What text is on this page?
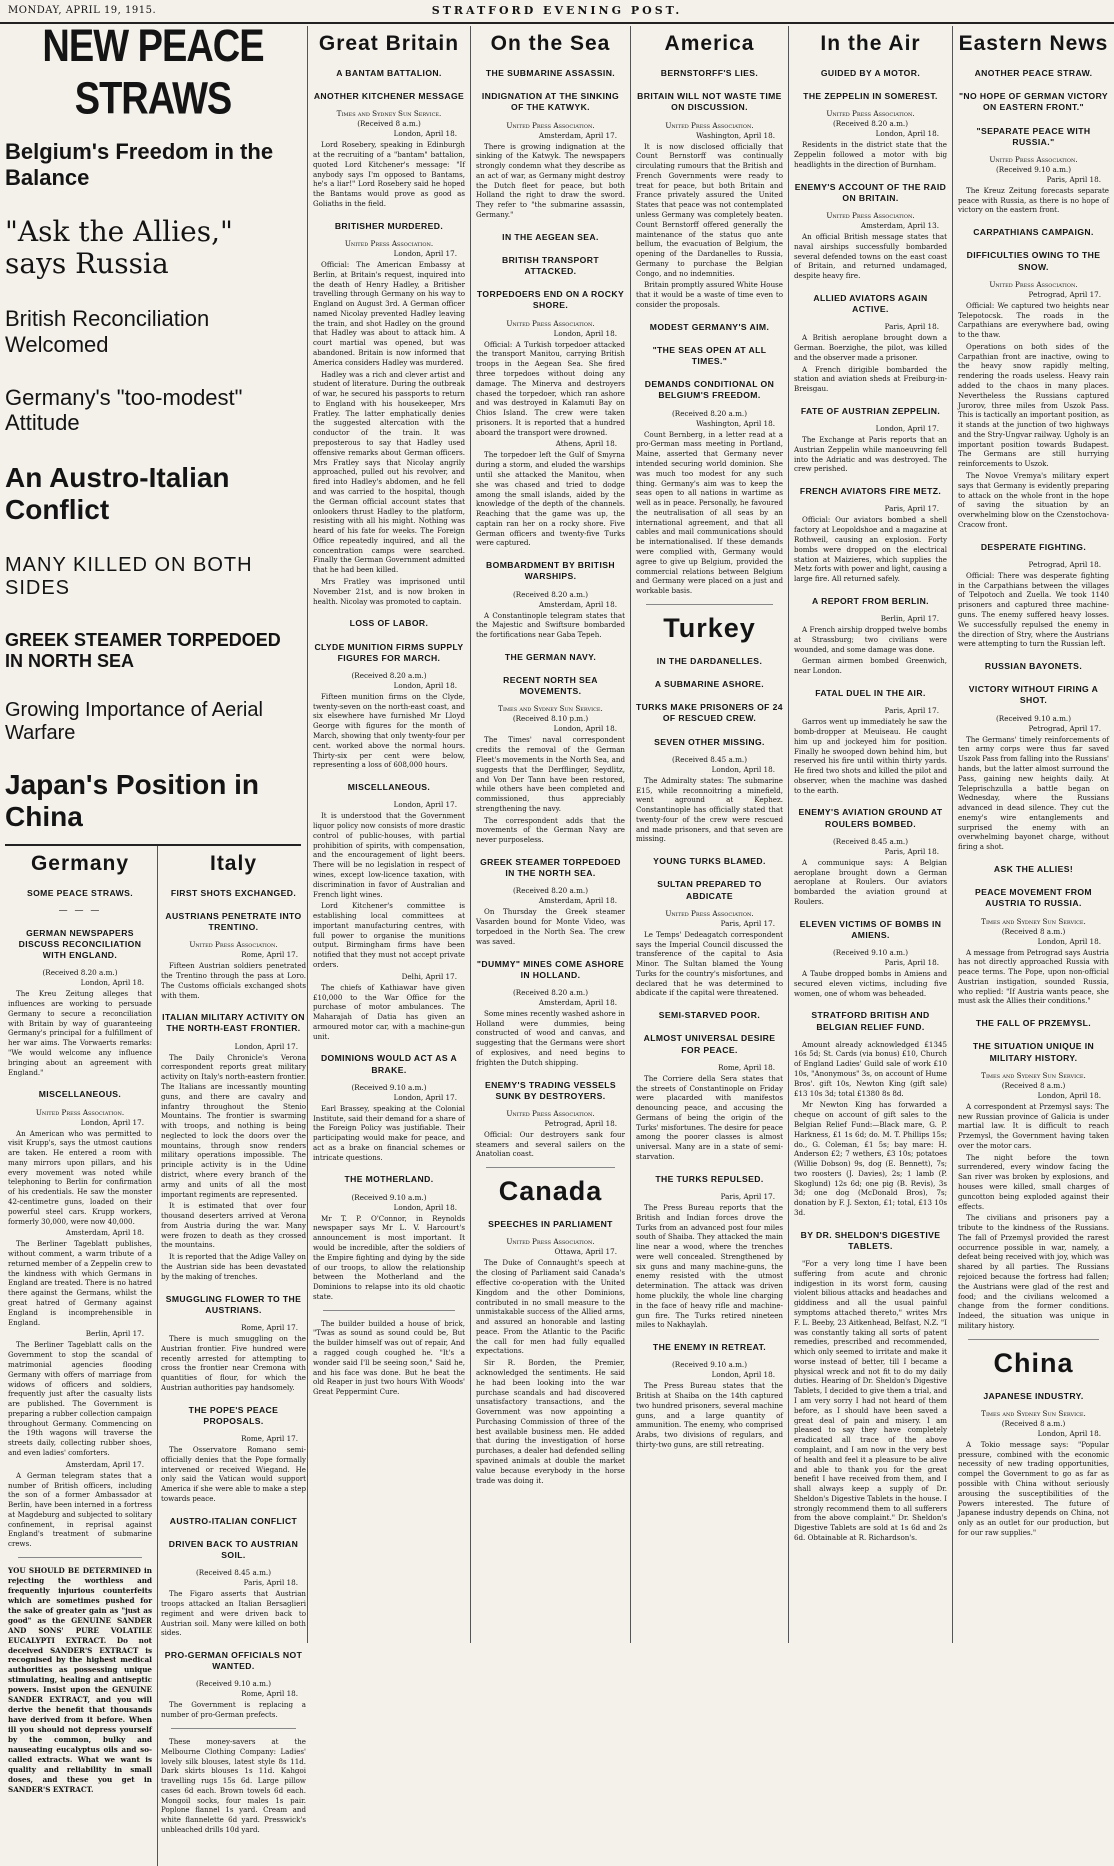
MONDAY, APRIL 19, 1915.	STRATFORD EVENING POST.
NEW PEACE STRAWS
Belgium's Freedom in the Balance
"Ask the Allies," says Russia
British Reconciliation Welcomed
Germany's "too-modest" Attitude
An Austro-Italian Conflict
MANY KILLED ON BOTH SIDES
GREEK STEAMER TORPEDOED IN NORTH SEA
Growing Importance of Aerial Warfare
Japan's Position in China
Germany
SOME PEACE STRAWS.
— — —
GERMAN NEWSPAPERS DISCUSS RECONCILIATION WITH ENGLAND.
(Received 8.20 a.m.)
London, April 18.

The Kreu Zeitung alleges that influences are working to persuade Germany to secure a reconciliation with Britain by way of guaranteeing Germany's principal for a fulfillment of her war aims. The Vorwaerts remarks: "We would welcome any influence bringing about an agreement with England."

MISCELLANEOUS.
United Press Association.
London, April 17.

An American who was permitted to visit Krupp's, says the utmost cautions are taken. He entered a room with many mirrors upon pillars, and his every movement was noted while telephoning to Berlin for confirmation of his credentials. He saw the monster 42-centimetre guns, loaded on their powerful steel cars. Krupp workers, formerly 30,000, were now 40,000.

Amsterdam, April 18.

The Berliner Tageblatt publishes, without comment, a warm tribute of a returned member of a Zeppelin crew to the kindness with which Germans in England are treated. There is no hatred there against the Germans, whilst the great hatred of Germany against England is incomprehensible in England.

Berlin, April 17.

The Berliner Tageblatt calls on the Government to stop the scandal of matrimonial agencies flooding Germany with offers of marriage from widows of officers and soldiers, frequently just after the casualty lists are published. The Government is preparing a rubber collection campaign throughout Germany. Commencing on the 19th wagons will traverse the streets daily, collecting rubber shoes, and even ladies' comforters.

Amsterdam, April 17.

A German telegram states that a number of British officers, including the son of a former Ambassador at Berlin, have been interned in a fortress at Magdeburg and subjected to solitary confinement, in reprisal against England's treatment of submarine crews.

YOU SHOULD BE DETERMINED in rejecting the worthless and frequently injurious counterfeits which are sometimes pushed for the sake of greater gain as "just as good" as the GENUINE SANDER AND SONS' PURE VOLATILE EUCALYPTI EXTRACT. Do not deceived SANDER'S EXTRACT is recognised by the highest medical authorities as possessing unique stimulating, healing and antiseptic powers. Insist upon the GENUINE SANDER EXTRACT, and you will derive the benefit that thousands have derived from it before. When ill you should not depress yourself by the common, bulky and nauseating eucalyptus oils and so-called extracts. What we want is quality and reliability in small doses, and these you get in SANDER'S EXTRACT.

Italy
FIRST SHOTS EXCHANGED.
AUSTRIANS PENETRATE INTO TRENTINO.
United Press Association.
Rome, April 17.

Fifteen Austrian soldiers penetrated the Trentino through the pass at Loro. The Customs officials exchanged shots with them.

ITALIAN MILITARY ACTIVITY ON THE NORTH-EAST FRONTIER.
London, April 17.

The Daily Chronicle's Verona correspondent reports great military activity on Italy's north-eastern frontier. The Italians are incessantly mounting guns, and there are cavalry and infantry throughout the Stenio Mountains. The frontier is swarming with troops, and nothing is being neglected to lock the doors over the mountains, through snow renders military operations impossible. The principle activity is in the Udine district, where every branch of the army and units of all the most important regiments are represented.

It is estimated that over four thousand deserters arrived at Verona from Austria during the war. Many were frozen to death as they crossed the mountains.

It is reported that the Adige Valley on the Austrian side has been devastated by the making of trenches.

SMUGGLING FLOWER TO THE AUSTRIANS.
Rome, April 17.

There is much smuggling on the Austrian frontier. Five hundred were recently arrested for attempting to cross the frontier near Cremona with quantities of flour, for which the Austrian authorities pay handsomely.

THE POPE'S PEACE PROPOSALS.
Rome, April 17.

The Osservatore Romano semi-officially denies that the Pope formally intervened or received Wiegand. He only said the Vatican would support America if she were able to make a step towards peace.

AUSTRO-ITALIAN CONFLICT
DRIVEN BACK TO AUSTRIAN SOIL.
(Received 8.45 a.m.)
Paris, April 18.

The Figaro asserts that Austrian troops attacked an Italian Bersaglieri regiment and were driven back to Austrian soil. Many were killed on both sides.

PRO-GERMAN OFFICIALS NOT WANTED.
(Received 9.10 a.m.)
Rome, April 18.

The Government is replacing a number of pro-German prefects.

These money-savers at the Melbourne Clothing Company: Ladies' lovely silk blouses, latest style 8s 11d. Dark skirts blouses 1s 11d. Kahgoi travelling rugs 15s 6d. Large pillow cases 6d each. Brown towels 6d each. Mongoil socks, four males 1s pair. Poplone flannel 1s yard. Cream and white flannelette 6d yard. Presswick's unbleached drills 10d yard.

Great Britain
A BANTAM BATTALION.
ANOTHER KITCHENER MESSAGE
Times and Sydney Sun Service.
(Received 8 a.m.)
London, April 18.

Lord Rosebery, speaking in Edinburgh at the recruiting of a "bantam" battalion, quoted Lord Kitchener's message: "If anybody says I'm opposed to Bantams, he's a liar!" Lord Rosebery said he hoped the Bantams would prove as good as Goliaths in the field.

BRITISHER MURDERED.
United Press Association.
London, April 17.

Official: The American Embassy at Berlin, at Britain's request, inquired into the death of Henry Hadley, a Britisher travelling through Germany on his way to England on August 3rd. A German officer named Nicolay prevented Hadley leaving the train, and shot Hadley on the ground that Hadley was about to attack him. A court martial was opened, but was abandoned. Britain is now informed that America considers Hadley was murdered.

Hadley was a rich and clever artist and student of literature. During the outbreak of war, he secured his passports to return to England with his housekeeper, Mrs Fratley. The latter emphatically denies the suggested altercation with the conductor of the train. It was preposterous to say that Hadley used offensive remarks about German officers. Mrs Fratley says that Nicolay angrily approached, pulled out his revolver, and fired into Hadley's abdomen, and he fell and was carried to the hospital, though the German official account states that onlookers thrust Hadley to the platform, resisting with all his might. Nothing was heard of his fate for weeks. The Foreign Office repeatedly inquired, and all the concentration camps were searched. Finally the German Government admitted that he had been killed.

Mrs Fratley was imprisoned until November 21st, and is now broken in health. Nicolay was promoted to captain.

LOSS OF LABOR.
CLYDE MUNITION FIRMS SUPPLY FIGURES FOR MARCH.
(Received 8.20 a.m.)
London, April 18.

Fifteen munition firms on the Clyde, twenty-seven on the north-east coast, and six elsewhere have furnished Mr Lloyd George with figures for the month of March, showing that only twenty-four per cent. worked above the normal hours. Thirty-six per cent were below, representing a loss of 608,000 hours.

MISCELLANEOUS.
London, April 17.

It is understood that the Government liquor policy now consists of more drastic control of public-houses, with partial prohibition of spirits, with compensation, and the encouragement of light beers. There will be no legislation in respect of wines, except low-licence taxation, with discrimination in favor of Australian and French light wines.

Lord Kitchener's committee is establishing local committees at important manufacturing centres, with full power to organise the munitions output. Birmingham firms have been notified that they must not accept private orders.

Delhi, April 17.

The chiefs of Kathiawar have given £10,000 to the War Office for the purchase of motor ambulances. The Maharajah of Datia has given an armoured motor car, with a machine-gun unit.

DOMINIONS WOULD ACT AS A BRAKE.
(Received 9.10 a.m.)
London, April 17.

Earl Brassey, speaking at the Colonial Institute, said their demand for a share of the Foreign Policy was justifiable. Their participating would make for peace, and act as a brake on financial schemes or intricate questions.

THE MOTHERLAND.
(Received 9.10 a.m.)
London, April 18.

Mr T. P. O'Connor, in Reynolds newspaper says Mr L. V. Harcourt's announcement is most important. It would be incredible, after the soldiers of the Empire fighting and dying by the side of our troops, to allow the relationship between the Motherland and the Dominions to relapse into its old chaotic state.

The builder builded a house of brick, "Twas as sound as sound could be, But the builder himself was out of repair, And a ragged cough coughed he. "It's a wonder said I'll be seeing soon," Said he, and his face was done. But he beat the old Reaper in just two hours With Woods' Great Peppermint Cure.

On the Sea
THE SUBMARINE ASSASSIN.
INDIGNATION AT THE SINKING OF THE KATWYK.
United Press Association.
Amsterdam, April 17.

There is growing indignation at the sinking of the Katwyk. The newspapers strongly condemn what they describe as an act of war, as Germany might destroy the Dutch fleet for peace, but both Holland the right to draw the sword. They refer to "the submarine assassin, Germany."

IN THE AEGEAN SEA.
BRITISH TRANSPORT ATTACKED.
TORPEDOERS END ON A ROCKY SHORE.
United Press Association.
London, April 18.

Official: A Turkish torpedoer attacked the transport Manitou, carrying British troops in the Aegean Sea. She fired three torpedoes without doing any damage. The Minerva and destroyers chased the torpedoer, which ran ashore and was destroyed in Kalamuti Bay on Chios Island. The crew were taken prisoners. It is reported that a hundred aboard the transport were drowned.

Athens, April 18.

The torpedoer left the Gulf of Smyrna during a storm, and eluded the warships until she attacked the Manitou, when she was chased and tried to dodge among the small islands, aided by the knowledge of the depth of the channels. Reaching that the game was up, the captain ran her on a rocky shore. Five German officers and twenty-five Turks were captured.

BOMBARDMENT BY BRITISH WARSHIPS.
(Received 8.20 a.m.)
Amsterdam, April 18.

A Constantinople telegram states that the Majestic and Swiftsure bombarded the fortifications near Gaba Tepeh.

THE GERMAN NAVY.
RECENT NORTH SEA MOVEMENTS.
Times and Sydney Sun Service.
(Received 8.10 p.m.)
London, April 18.

The Times' naval correspondent credits the removal of the German Fleet's movements in the North Sea, and suggests that the Derfflinger, Seydlitz, and Von Der Tann have been restored, while others have been completed and commissioned, thus appreciably strengthening the navy.

The correspondent adds that the movements of the German Navy are never purposeless.

GREEK STEAMER TORPEDOED IN THE NORTH SEA.
(Received 8.20 a.m.)
Amsterdam, April 18.

On Thursday the Greek steamer Vasarden bound for Monte Video, was torpedoed in the North Sea. The crew was saved.

"DUMMY" MINES COME ASHORE IN HOLLAND.
(Received 8.20 a.m.)
Amsterdam, April 18.

Some mines recently washed ashore in Holland were dummies, being constructed of wood and canvas, and suggesting that the Germans were short of explosives, and need begins to frighten the Dutch shipping.

ENEMY'S TRADING VESSELS SUNK BY DESTROYERS.
United Press Association.
Petrograd, April 18.

Official: Our destroyers sank four steamers and several sailers on the Anatolian coast.

Canada
SPEECHES IN PARLIAMENT
United Press Association.
Ottawa, April 17.

The Duke of Connaught's speech at the closing of Parliament said Canada's effective co-operation with the United Kingdom and the other Dominions, contributed in no small measure to the unmistakable success of the Allied arms, and assured an honorable and lasting peace. From the Atlantic to the Pacific the call for men had fully equalled expectations.

Sir R. Borden, the Premier, acknowledged the sentiments. He said he had been looking into the war purchase scandals and had discovered unsatisfactory transactions, and the Government was now appointing a Purchasing Commission of three of the best available business men. He added that during the investigation of horse purchases, a dealer had defended selling spavined animals at double the market value because everybody in the horse trade was doing it.

America
BERNSTORFF'S LIES.
BRITAIN WILL NOT WASTE TIME ON DISCUSSION.
United Press Association.
Washington, April 18.

It is now disclosed officially that Count Bernstorff was continually circulating rumours that the British and French Governments were ready to treat for peace, but both Britain and France privately assured the United States that peace was not contemplated unless Germany was completely beaten. Count Bernstorff offered generally the maintenance of the status quo ante bellum, the evacuation of Belgium, the opening of the Dardanelles to Russia, Germany to purchase the Belgian Congo, and no indemnities.

Britain promptly assured White House that it would be a waste of time even to consider the proposals.

MODEST GERMANY'S AIM.
"THE SEAS OPEN AT ALL TIMES."
DEMANDS CONDITIONAL ON BELGIUM'S FREEDOM.
(Received 8.20 a.m.)
Washington, April 18.

Count Bernberg, in a letter read at a pro-German mass meeting in Portland, Maine, asserted that Germany never intended securing world dominion. She was much too modest for any such thing. Germany's aim was to keep the seas open to all nations in wartime as well as in peace. Personally, he favoured the neutralisation of all seas by an international agreement, and that all cables and mail communications should be internationalised. If these demands were complied with, Germany would agree to give up Belgium, provided the commercial relations between Belgium and Germany were placed on a just and workable basis.

Turkey
IN THE DARDANELLES.
A SUBMARINE ASHORE.
TURKS MAKE PRISONERS OF 24 OF RESCUED CREW.
SEVEN OTHER MISSING.
(Received 8.45 a.m.)
London, April 18.

The Admiralty states: The submarine E15, while reconnoitring a minefield, went aground at Kephez. Constantinople has officially stated that twenty-four of the crew were rescued and made prisoners, and that seven are missing.

YOUNG TURKS BLAMED.
SULTAN PREPARED TO ABDICATE
United Press Association.
Paris, April 17.

Le Temps' Dedeagatch correspondent says the Imperial Council discussed the transference of the capital to Asia Minor. The Sultan blamed the Young Turks for the country's misfortunes, and declared that he was determined to abdicate if the capital were threatened.

SEMI-STARVED POOR.
ALMOST UNIVERSAL DESIRE FOR PEACE.
Rome, April 18.

The Corriere della Sera states that the streets of Constantinople on Friday were placarded with manifestos denouncing peace, and accusing the Germans of being the origin of the Turks' misfortunes. The desire for peace among the poorer classes is almost universal. Many are in a state of semi-starvation.

THE TURKS REPULSED.
Paris, April 17.

The Press Bureau reports that the British and Indian forces drove the Turks from an advanced post four miles south of Shaiba. They attacked the main line near a wood, where the trenches were well concealed. Strengthened by six guns and many machine-guns, the enemy resisted with the utmost determination. The attack was driven home pluckily, the whole line charging in the face of heavy rifle and machine-gun fire. The Turks retired nineteen miles to Nakhaylah.

THE ENEMY IN RETREAT.
(Received 9.10 a.m.)
London, April 18.

The Press Bureau states that the British at Shaiba on the 14th captured two hundred prisoners, several machine guns, and a large quantity of ammunition. The enemy, who comprised Arabs, two divisions of regulars, and thirty-two guns, are still retreating.

In the Air
GUIDED BY A MOTOR.
THE ZEPPELIN IN SOMEREST.
United Press Association.
(Received 8.20 a.m.)
London, April 18.

Residents in the district state that the Zeppelin followed a motor with big headlights in the direction of Burnham.

ENEMY'S ACCOUNT OF THE RAID ON BRITAIN.
United Press Association.
Amsterdam, April 13.

An official British message states that naval airships successfully bombarded several defended towns on the east coast of Britain, and returned undamaged, despite heavy fire.

ALLIED AVIATORS AGAIN ACTIVE.
Paris, April 18.

A British aeroplane brought down a German. Boerzighe, the pilot, was killed and the observer made a prisoner.

A French dirigible bombarded the station and aviation sheds at Freiburg-in-Breisgau.

FATE OF AUSTRIAN ZEPPELIN.
London, April 17.

The Exchange at Paris reports that an Austrian Zeppelin while manoeuvring fell into the Adriatic and was destroyed. The crew perished.

FRENCH AVIATORS FIRE METZ.
Paris, April 17.

Official: Our aviators bombed a shell factory at Leopoldshoe and a magazine at Rothweil, causing an explosion. Forty bombs were dropped on the electrical station at Maizieres, which supplies the Metz forts with power and light, causing a large fire. All returned safely.

A REPORT FROM BERLIN.
Berlin, April 17.

A French airship dropped twelve bombs at Strassburg; two civilians were wounded, and some damage was done.

German airmen bombed Greenwich, near London.

FATAL DUEL IN THE AIR.
Paris, April 17.

Garros went up immediately he saw the bomb-dropper at Meuiseau. He caught him up and jockeyed him for position. Finally he swooped down behind him, but reserved his fire until within thirty yards. He fired two shots and killed the pilot and observer, when the machine was dashed to the earth.

ENEMY'S AVIATION GROUND AT ROULERS BOMBED.
(Received 8.45 a.m.)
Paris, April 18.

A communique says: A Belgian aeroplane brought down a German aeroplane at Roulers. Our aviators bombarded the aviation ground at Roulers.

ELEVEN VICTIMS OF BOMBS IN AMIENS.
(Received 9.10 a.m.)
Paris, April 18.

A Taube dropped bombs in Amiens and secured eleven victims, including five women, one of whom was beheaded.

STRATFORD BRITISH AND BELGIAN RELIEF FUND.

Amount already acknowledged £1345 16s 5d; St. Cards (via bonus) £10, Church of England Ladies' Guild sale of work £10 10s, "Anonymous" 3s, on account of Hume Bros'. gift 10s, Newton King (gift sale) £13 10s 3d; total £1380 8s 8d.

Mr Newton King has forwarded a cheque on account of gift sales to the Belgian Relief Fund:—Black mare, G. P. Harkness, £1 1s 6d; do. M. T. Phillips 15s; do., G. Coleman, £1 5s; bay mare: H. Anderson £2; 7 wethers, £3 10s; potatoes (Willie Dobson) 9s, dog (E. Bennett), 7s; two roosters (J. Davies), 2s; 1 lamb (P. Skoglund) 12s 6d; one pig (B. Revis), 3s 3d; one dog (McDonald Bros), 7s; donation by F. J. Sexton, £1; total, £13 10s 3d.

BY DR. SHELDON'S DIGESTIVE TABLETS.

"For a very long time I have been suffering from acute and chronic indigestion in its worst form, causing violent bilious attacks and headaches and giddiness and all the usual painful symptoms attached thereto," writes Mrs F. L. Beeby, 23 Aitkenhead, Belfast, N.Z. "I was constantly taking all sorts of patent remedies, prescribed and recommended, which only seemed to irritate and make it worse instead of better, till I became a physical wreck and not fit to do my daily duties. Hearing of Dr. Sheldon's Digestive Tablets, I decided to give them a trial, and I am very sorry I had not heard of them before, as I should have been saved a great deal of pain and misery. I am pleased to say they have completely eradicated all trace of the above complaint, and I am now in the very best of health and feel it a pleasure to be alive and able to thank you for the great benefit I have received from them, and I shall always keep a supply of Dr. Sheldon's Digestive Tablets in the house. I strongly recommend them to all sufferers from the above complaint." Dr. Sheldon's Digestive Tablets are sold at 1s 6d and 2s 6d. Obtainable at R. Richardson's.

Eastern News
ANOTHER PEACE STRAW.
"NO HOPE OF GERMAN VICTORY ON EASTERN FRONT."
"SEPARATE PEACE WITH RUSSIA."
United Press Association.
(Received 9.10 a.m.)
Paris, April 18.

The Kreuz Zeitung forecasts separate peace with Russia, as there is no hope of victory on the eastern front.

CARPATHIANS CAMPAIGN.
DIFFICULTIES OWING TO THE SNOW.
United Press Association.
Petrograd, April 17.

Official: We captured two heights near Telepotocsk. The roads in the Carpathians are everywhere bad, owing to the thaw.

Operations on both sides of the Carpathian front are inactive, owing to the heavy snow rapidly melting, rendering the roads useless. Heavy rain added to the chaos in many places. Nevertheless the Russians captured Jurorov, three miles from Uszok Pass. This is tactically an important position, as it stands at the junction of two highways and the Stry-Ungvar railway. Ugholy is an important position towards Budapest. The Germans are still hurrying reinforcements to Uszok.

The Novoe Vremya's military expert says that Germany is evidently preparing to attack on the whole front in the hope of saving the situation by an overwhelming blow on the Czenstochova-Cracow front.

DESPERATE FIGHTING.
Petrograd, April 18.

Official: There was desperate fighting in the Carpathians between the villages of Telpotoch and Zuella. We took 1140 prisoners and captured three machine-guns. The enemy suffered heavy losses. We successfully repulsed the enemy in the direction of Stry, where the Austrians were attempting to turn the Russian left.

RUSSIAN BAYONETS.
VICTORY WITHOUT FIRING A SHOT.
(Received 9.10 a.m.)
Petrograd, April 17.

The Germans' timely reinforcements of ten army corps were thus far saved Uszok Pass from falling into the Russians' hands, but the latter almost surround the Pass, gaining new heights daily. At Teleprischzulla a battle began on Wednesday, where the Russians advanced in dead silence. They cut the enemy's wire entanglements and surprised the enemy with an overwhelming bayonet charge, without firing a shot.

ASK THE ALLIES!
PEACE MOVEMENT FROM AUSTRIA TO RUSSIA.
Times and Sydney Sun Service.
(Received 8 a.m.)
London, April 18.

A message from Petrograd says Austria has not directly approached Russia with peace terms. The Pope, upon non-official Austrian instigation, sounded Russia, who replied: "If Austria wants peace, she must ask the Allies their conditions."

THE FALL OF PRZEMYSL.
THE SITUATION UNIQUE IN MILITARY HISTORY.
Times and Sydney Sun Service.
(Received 8 a.m.)
London, April 18.

A correspondent at Przemysl says: The new Russian province of Galicia is under martial law. It is difficult to reach Przemysl, the Government having taken over the motor cars.

The night before the town surrendered, every window facing the San river was broken by explosions, and houses were killed, small charges of guncotton being exploded against their effects.

The civilians and prisoners pay a tribute to the kindness of the Russians. The fall of Przemysl provided the rarest occurrence possible in war, namely, a defeat being received with joy, which was shared by all parties. The Russians rejoiced because the fortress had fallen; the Austrians were glad of the rest and food; and the civilians welcomed a change from the former conditions. Indeed, the situation was unique in military history.

China
JAPANESE INDUSTRY.
Times and Sydney Sun Service.
(Received 8 a.m.)
London, April 18.

A Tokio message says: "Popular pressure, combined with the economic necessity of new trading opportunities, compel the Government to go as far as possible with China without seriously arousing the susceptibilities of the Powers interested. The future of Japanese industry depends on China, not only as an outlet for our production, but for our raw supplies."
